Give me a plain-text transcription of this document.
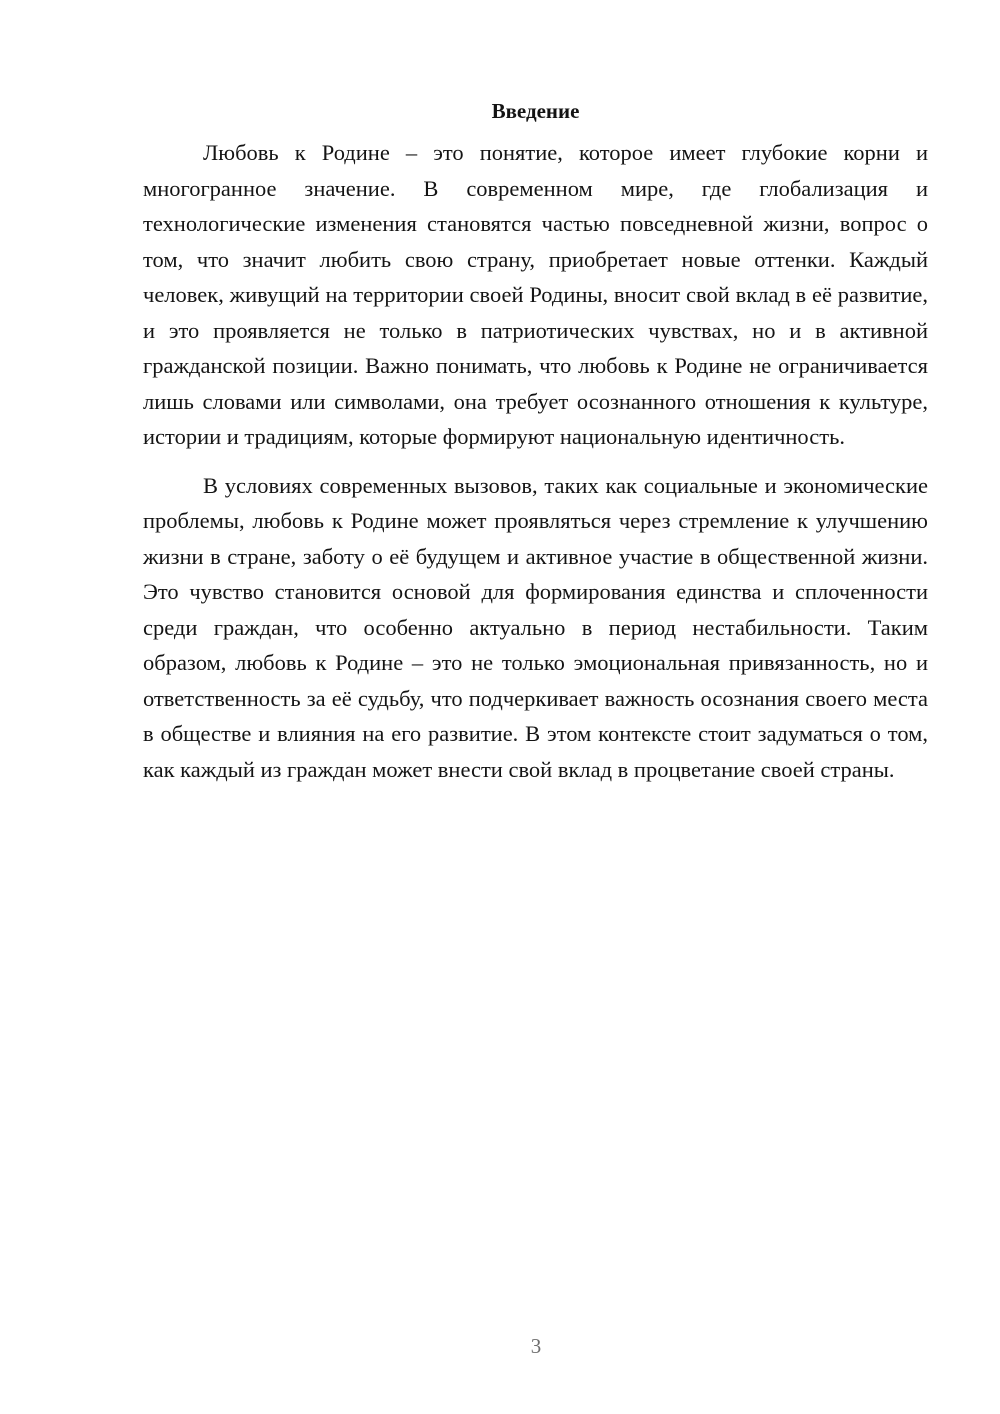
Введение

Любовь к Родине – это понятие, которое имеет глубокие корни и многогранное значение. В современном мире, где глобализация и технологические изменения становятся частью повседневной жизни, вопрос о том, что значит любить свою страну, приобретает новые оттенки. Каждый человек, живущий на территории своей Родины, вносит свой вклад в её развитие, и это проявляется не только в патриотических чувствах, но и в активной гражданской позиции. Важно понимать, что любовь к Родине не ограничивается лишь словами или символами, она требует осознанного отношения к культуре, истории и традициям, которые формируют национальную идентичность.

В условиях современных вызовов, таких как социальные и экономические проблемы, любовь к Родине может проявляться через стремление к улучшению жизни в стране, заботу о её будущем и активное участие в общественной жизни. Это чувство становится основой для формирования единства и сплоченности среди граждан, что особенно актуально в период нестабильности. Таким образом, любовь к Родине – это не только эмоциональная привязанность, но и ответственность за её судьбу, что подчеркивает важность осознания своего места в обществе и влияния на его развитие. В этом контексте стоит задуматься о том, как каждый из граждан может внести свой вклад в процветание своей страны.

3
